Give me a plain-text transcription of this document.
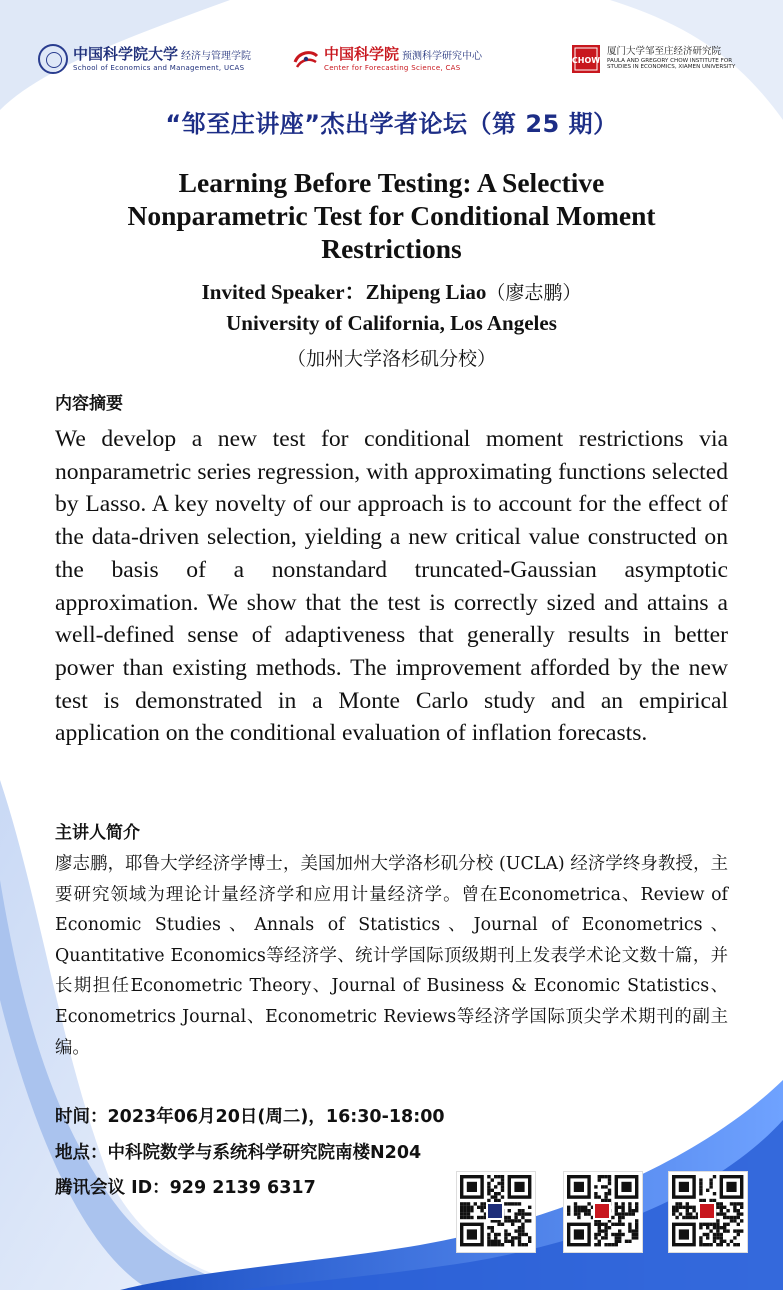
中国科学院大学 经济与管理学院
School of Economics and Management, UCAS
中国科学院 预测科学研究中心
Center for Forecasting Science, CAS
CHOW
厦门大学邹至庄经济研究院
PAULA AND GREGORY CHOW INSTITUTE FOR
STUDIES IN ECONOMICS, XIAMEN UNIVERSITY
“邹至庄讲座”杰出学者论坛（第 25 期）
Learning Before Testing: A Selective
Nonparametric Test for Conditional Moment
Restrictions
Invited Speaker：Zhipeng Liao（廖志鹏）
University of California, Los Angeles
（加州大学洛杉矶分校）
内容摘要

We develop a new test for conditional moment restrictions via nonparametric series regression, with approximating functions selected by Lasso. A key novelty of our approach is to account for the effect of the data-driven selection, yielding a new critical value constructed on the basis of a nonstandard truncated-Gaussian asymptotic approximation. We show that the test is correctly sized and attains a well-defined sense of adaptiveness that generally results in better power than existing methods. The improvement afforded by the new test is demonstrated in a Monte Carlo study and an empirical application on the conditional evaluation of inflation forecasts.

主讲人简介

廖志鹏，耶鲁大学经济学博士，美国加州大学洛杉矶分校 (UCLA) 经济学终身教授，主要研究领域为理论计量经济学和应用计量经济学。曾在Econometrica、Review of Economic Studies、Annals of Statistics、Journal of Econometrics、Quantitative Economics等经济学、统计学国际顶级期刊上发表学术论文数十篇，并长期担任Econometric Theory、Journal of Business & Economic Statistics、Econometrics Journal、Econometric Reviews等经济学国际顶尖学术期刊的副主编。

时间：2023年06月20日(周二)，16:30-18:00
地点：中科院数学与系统科学研究院南楼N204
腾讯会议 ID：929 2139 6317
